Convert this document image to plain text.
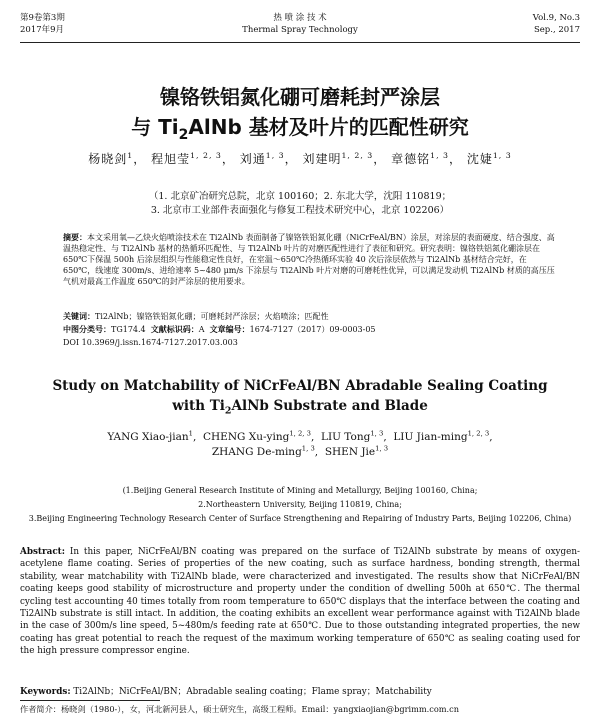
第9卷第3期
2017年9月
热 喷 涂 技 术
Thermal Spray Technology
Vol.9, No.3
Sep., 2017
镍铬铁铝氮化硼可磨耗封严涂层
与 $Ti_2AlNb$ 基材及叶片的匹配性研究
杨晓剑$^1$， 程旭莹$^{1, 2, 3}$， 刘通$^{1, 3}$， 刘建明$^{1, 2, 3}$， 章德铭$^{1, 3}$， 沈婕$^{1, 3}$
（1. 北京矿冶研究总院，北京 100160；2. 东北大学，沈阳 110819；
3. 北京市工业部件表面强化与修复工程技术研究中心，北京 102206）

摘要：本文采用氧—乙炔火焰喷涂技术在 Ti2AlNb 表面制备了镍铬铁铝氮化硼（NiCrFeAl/BN）涂层，对涂层的表面硬度、结合强度、高温热稳定性、与 Ti2AlNb 基材的热循环匹配性、与 Ti2AlNb 叶片的对磨匹配性进行了表征和研究。研究表明：镍铬铁铝氮化硼涂层在 650℃下保温 500h 后涂层组织与性能稳定性良好，在室温～650℃冷热循环实验 40 次后涂层依然与 Ti2AlNb 基材结合完好，在 650℃，线速度 300m/s、进给速率 5~480 μm/s 下涂层与 Ti2AlNb 叶片对磨的可磨耗性优异，可以满足发动机 Ti2AlNb 材质的高压压气机对最高工作温度 650℃的封严涂层的使用要求。

关键词：Ti2AlNb；镍铬铁铝氮化硼；可磨耗封严涂层；火焰喷涂；匹配性
中图分类号：TG174.4 文献标识码：A 文章编号：1674-7127（2017）09-0003-05
DOI 10.3969/j.issn.1674-7127.2017.03.003
Study on Matchability of NiCrFeAl/BN Abradable Sealing Coating
with $Ti_2AlNb$ Substrate and Blade
YANG Xiao-jian$^1$,  CHENG Xu-ying$^{1, 2, 3}$,  LIU Tong$^{1, 3}$,  LIU Jian-ming$^{1, 2, 3}$,
ZHANG De-ming$^{1, 3}$,  SHEN Jie$^{1, 3}$
(1.Beijing General Research Institute of Mining and Metallurgy, Beijing 100160, China;
2.Northeastern University, Beijing 110819, China;
3.Beijing Engineering Technology Research Center of Surface Strengthening and Repairing of Industry Parts, Beijing 102206, China)

Abstract: In this paper, NiCrFeAl/BN coating was prepared on the surface of Ti2AlNb substrate by means of oxygen-acetylene flame coating. Series of properties of the new coating, such as surface hardness, bonding strength, thermal stability, wear matchability with Ti2AlNb blade, were characterized and investigated. The results show that NiCrFeAl/BN coating keeps good stability of microstructure and property under the condition of dwelling 500h at 650℃. The thermal cycling test accounting 40 times totally from room temperature to 650℃ displays that the interface between the coating and Ti2AlNb substrate is still intact. In addition, the coating exhibits an excellent wear performance against with Ti2AlNb blade in the case of 300m/s line speed, 5~480m/s feeding rate at 650℃. Due to those outstanding integrated properties, the new coating has great potential to reach the request of the maximum working temperature of 650℃ as sealing coating used for the high pressure compressor engine.

Keywords: Ti2AlNb；NiCrFeAl/BN；Abradable sealing coating；Flame spray；Matchability
作者简介：杨晓剑（1980-），女，河北新河县人，硕士研究生，高级工程师。Email：yangxiaojian@bgrimm.com.cn
